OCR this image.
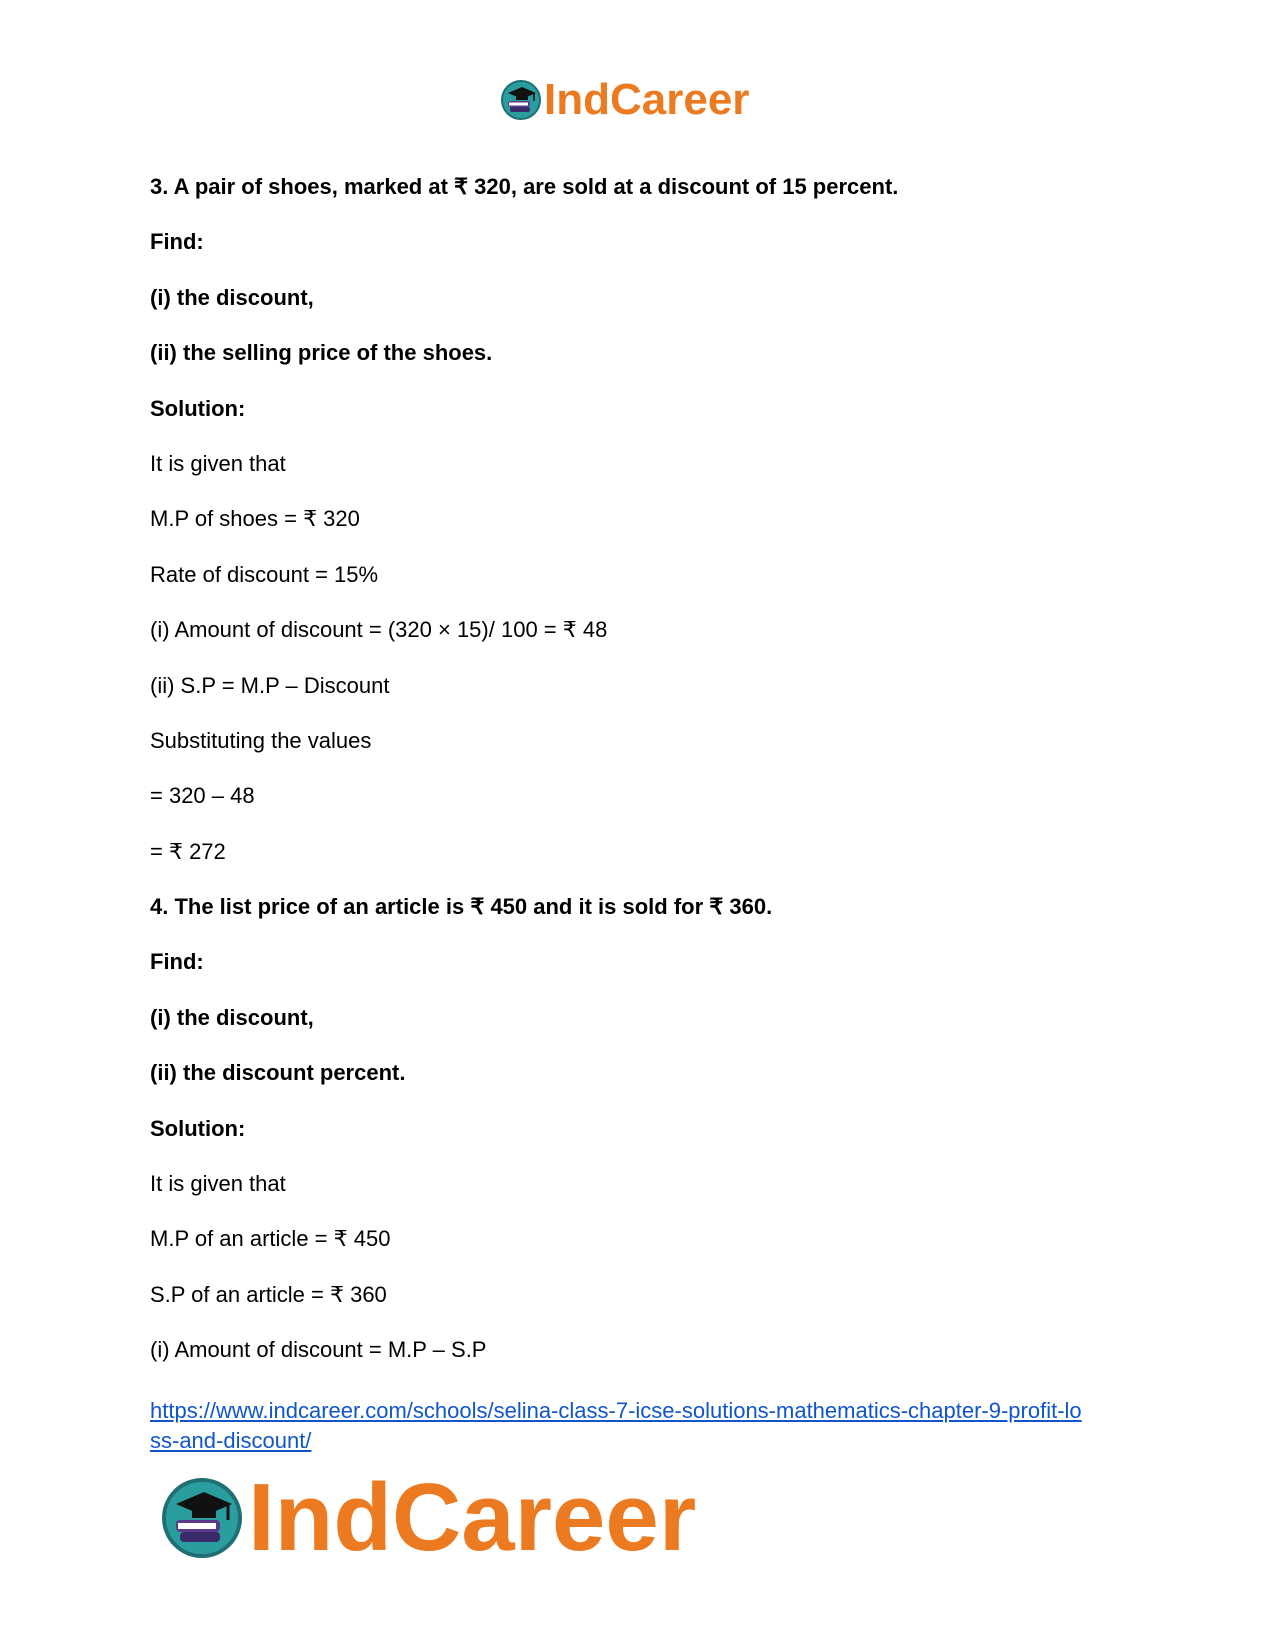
IndCareer
3. A pair of shoes, marked at ₹ 320, are sold at a discount of 15 percent.
Find:
(i) the discount,
(ii) the selling price of the shoes.
Solution:
It is given that
M.P of shoes = ₹ 320
Rate of discount = 15%
(i) Amount of discount = (320 × 15)/ 100 = ₹ 48
(ii) S.P = M.P – Discount
Substituting the values
= 320 – 48
= ₹ 272
4. The list price of an article is ₹ 450 and it is sold for ₹ 360.
Find:
(i) the discount,
(ii) the discount percent.
Solution:
It is given that
M.P of an article = ₹ 450
S.P of an article = ₹ 360
(i) Amount of discount = M.P – S.P
https://www.indcareer.com/schools/selina-class-7-icse-solutions-mathematics-chapter-9-profit-lo
ss-and-discount/
IndCareer
